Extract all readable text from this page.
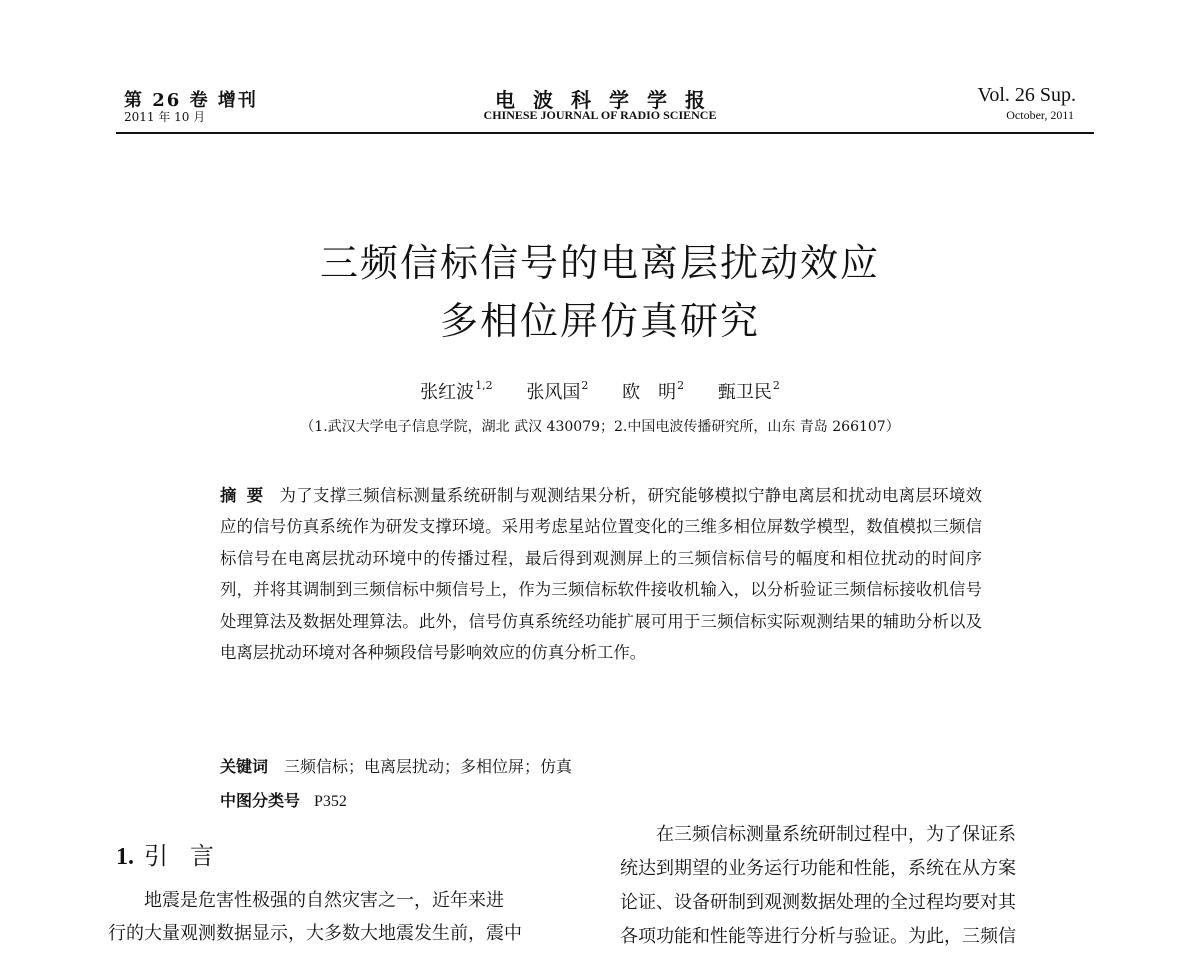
第 26 卷 增刊
2011 年 10 月
电波科学学报
CHINESE JOURNAL OF RADIO SCIENCE
Vol. 26 Sup.
October, 2011
三频信标信号的电离层扰动效应
多相位屏仿真研究
张红波$^{1,2}$ 张风国$^2$ 欧　明$^2$ 甄卫民$^2$
（1.武汉大学电子信息学院，湖北 武汉 430079；2.中国电波传播研究所，山东 青岛 266107）
摘要 为了支撑三频信标测量系统研制与观测结果分析，研究能够模拟宁静电离层和扰动电离层环境效应的信号仿真系统作为研发支撑环境。采用考虑星站位置变化的三维多相位屏数学模型，数值模拟三频信标信号在电离层扰动环境中的传播过程，最后得到观测屏上的三频信标信号的幅度和相位扰动的时间序列，并将其调制到三频信标中频信号上，作为三频信标软件接收机输入，以分析验证三频信标接收机信号处理算法及数据处理算法。此外，信号仿真系统经功能扩展可用于三频信标实际观测结果的辅助分析以及电离层扰动环境对各种频段信号影响效应的仿真分析工作。
关键词 三频信标；电离层扰动；多相位屏；仿真
中图分类号 P352
1. 引言
地震是危害性极强的自然灾害之一，近年来进
行的大量观测数据显示，大多数大地震发生前，震中
在三频信标测量系统研制过程中，为了保证系
统达到期望的业务运行功能和性能，系统在从方案
论证、设备研制到观测数据处理的全过程均要对其
各项功能和性能等进行分析与验证。为此，三频信
